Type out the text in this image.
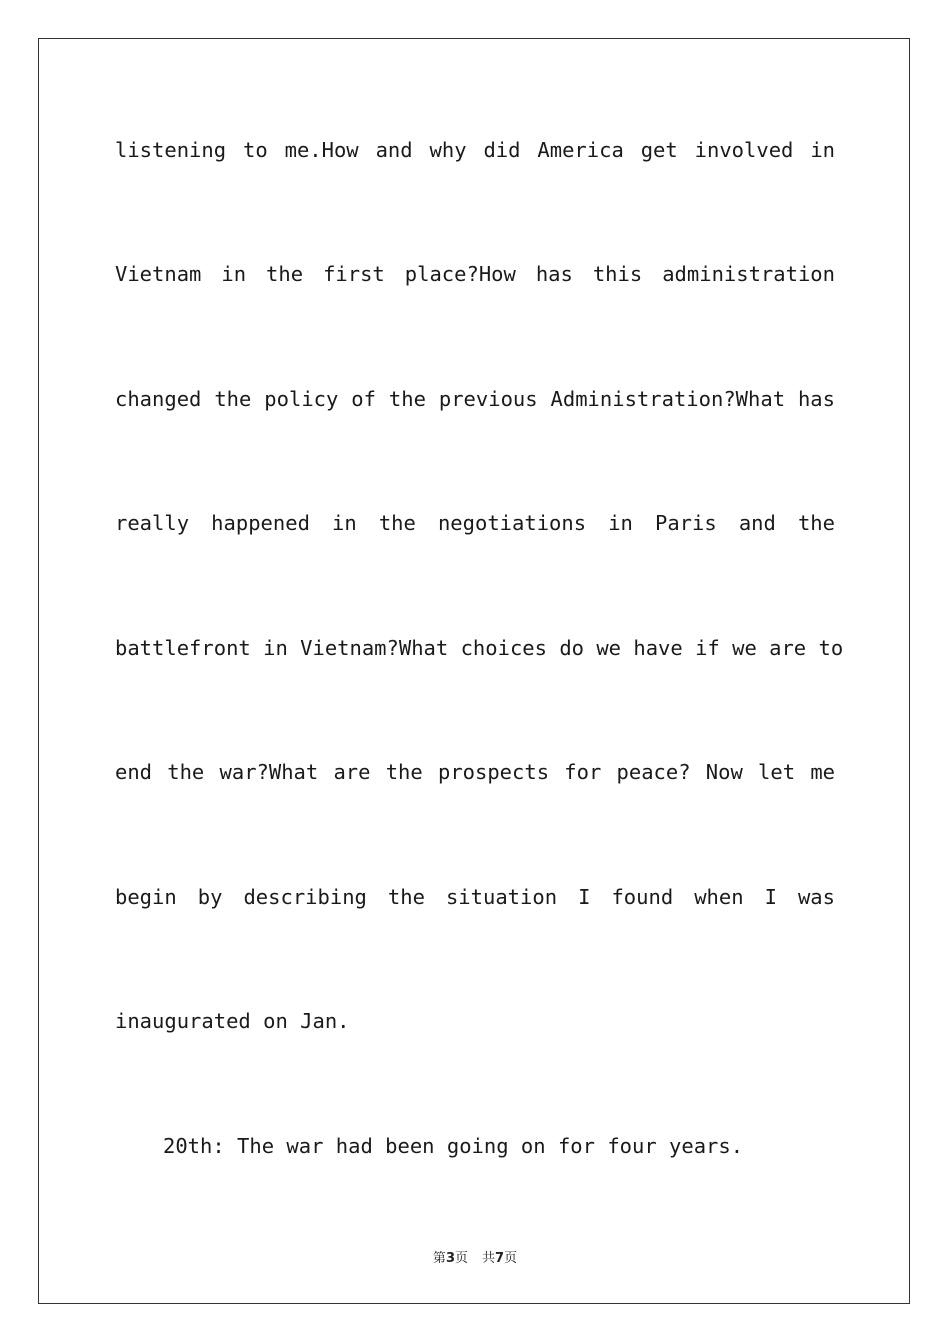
listening to me.How and why did America get involved in
Vietnam in the first place?How has this administration
changed the policy of the previous Administration?What has
really happened in the negotiations in Paris and the
battlefront in Vietnam?What choices do we have if we are to
end the war?What are the prospects for peace? Now let me
begin by describing the situation I found when I was
inaugurated on Jan.
20th: The war had been going on for four years.
第3页 共7页
